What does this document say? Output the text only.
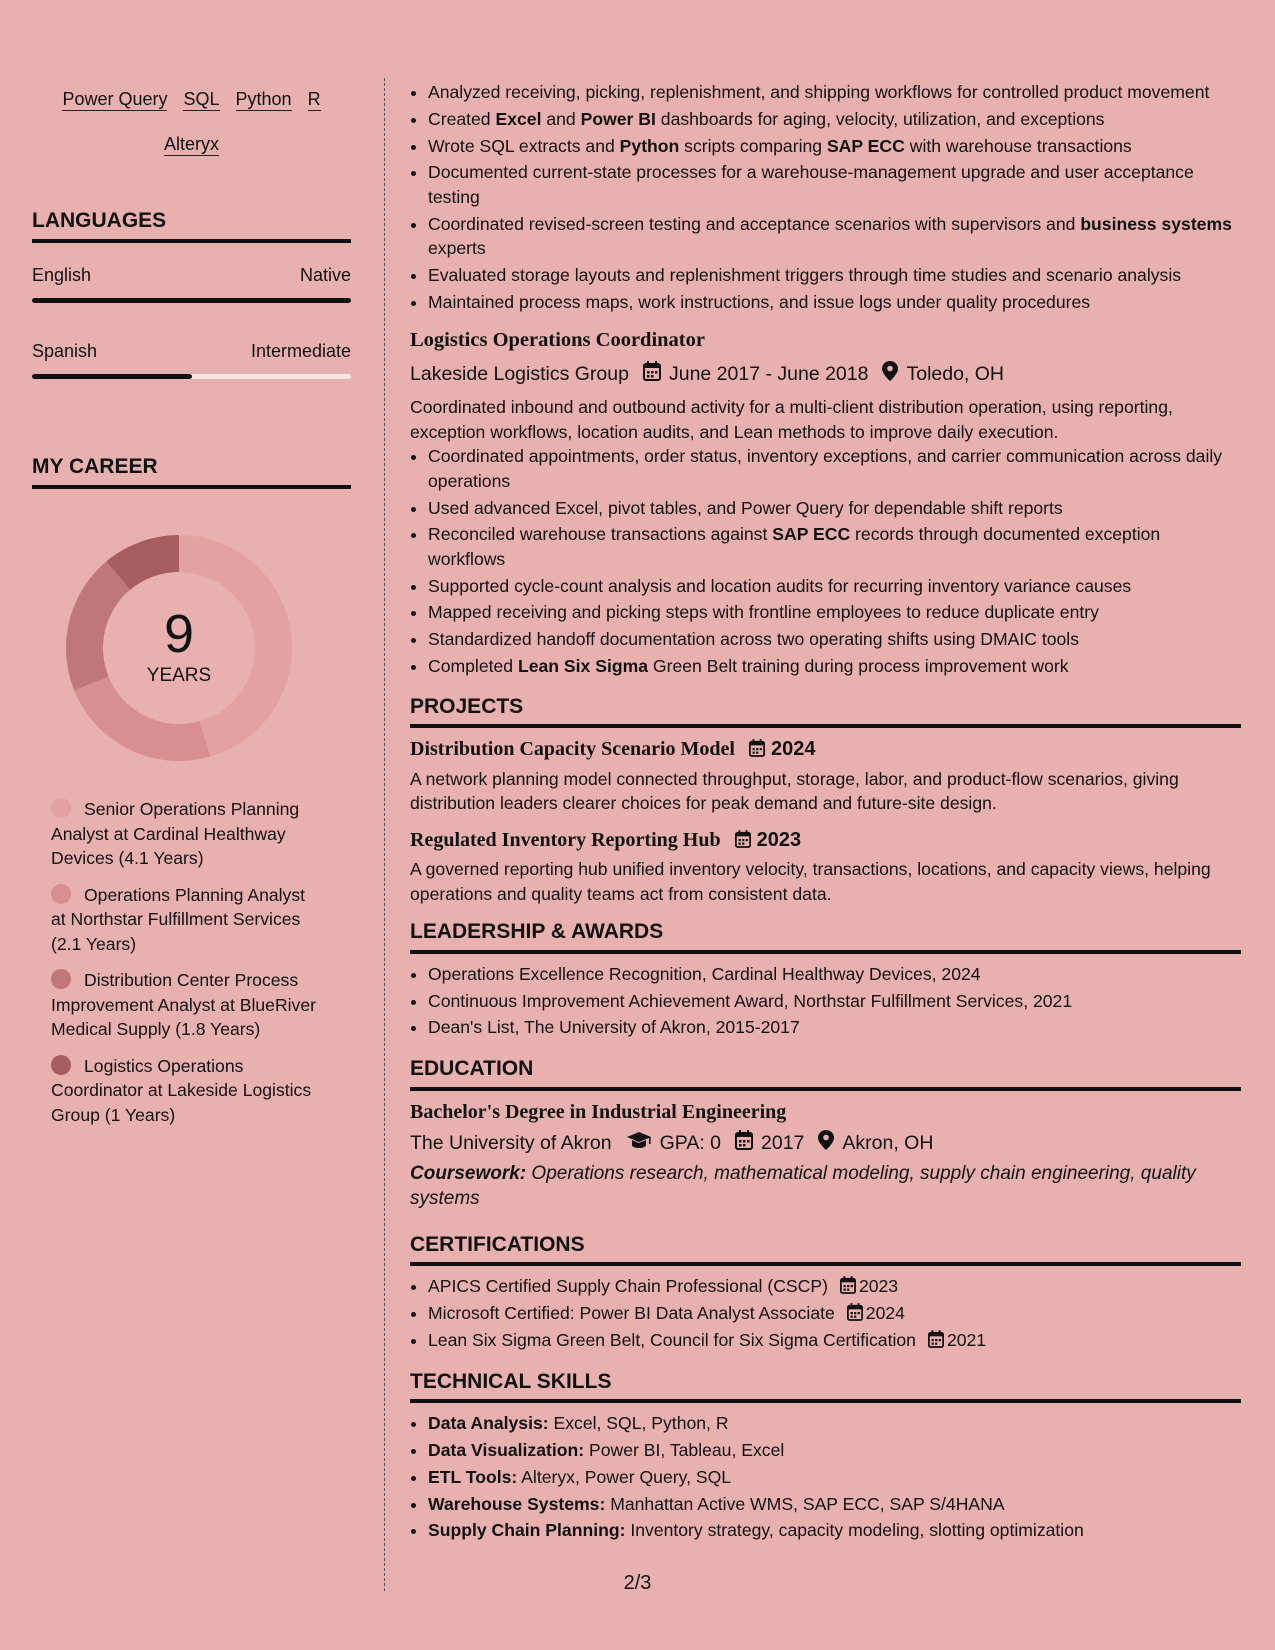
Power Query SQL Python R
Alteryx
LANGUAGES
English	Native
Spanish	Intermediate
MY CAREER
9
YEARS
Senior Operations Planning Analyst at Cardinal Healthway Devices (4.1 Years)
Operations Planning Analyst at Northstar Fulfillment Services (2.1 Years)
Distribution Center Process Improvement Analyst at BlueRiver Medical Supply (1.8 Years)
Logistics Operations Coordinator at Lakeside Logistics Group (1 Years)
• Analyzed receiving, picking, replenishment, and shipping workflows for controlled product movement
• Created Excel and Power BI dashboards for aging, velocity, utilization, and exceptions
• Wrote SQL extracts and Python scripts comparing SAP ECC with warehouse transactions
• Documented current-state processes for a warehouse-management upgrade and user acceptance testing
• Coordinated revised-screen testing and acceptance scenarios with supervisors and business systems experts
• Evaluated storage layouts and replenishment triggers through time studies and scenario analysis
• Maintained process maps, work instructions, and issue logs under quality procedures
Logistics Operations Coordinator
Lakeside Logistics Group June 2017 - June 2018 Toledo, OH
Coordinated inbound and outbound activity for a multi-client distribution operation, using reporting, exception workflows, location audits, and Lean methods to improve daily execution.
• Coordinated appointments, order status, inventory exceptions, and carrier communication across daily operations
• Used advanced Excel, pivot tables, and Power Query for dependable shift reports
• Reconciled warehouse transactions against SAP ECC records through documented exception workflows
• Supported cycle-count analysis and location audits for recurring inventory variance causes
• Mapped receiving and picking steps with frontline employees to reduce duplicate entry
• Standardized handoff documentation across two operating shifts using DMAIC tools
• Completed Lean Six Sigma Green Belt training during process improvement work
PROJECTS
Distribution Capacity Scenario Model 2024
A network planning model connected throughput, storage, labor, and product-flow scenarios, giving distribution leaders clearer choices for peak demand and future-site design.
Regulated Inventory Reporting Hub 2023
A governed reporting hub unified inventory velocity, transactions, locations, and capacity views, helping operations and quality teams act from consistent data.
LEADERSHIP & AWARDS
• Operations Excellence Recognition, Cardinal Healthway Devices, 2024
• Continuous Improvement Achievement Award, Northstar Fulfillment Services, 2021
• Dean's List, The University of Akron, 2015-2017
EDUCATION
Bachelor's Degree in Industrial Engineering
The University of Akron GPA: 0 2017 Akron, OH
Coursework: Operations research, mathematical modeling, supply chain engineering, quality systems
CERTIFICATIONS
• APICS Certified Supply Chain Professional (CSCP) 2023
• Microsoft Certified: Power BI Data Analyst Associate 2024
• Lean Six Sigma Green Belt, Council for Six Sigma Certification 2021
TECHNICAL SKILLS
• Data Analysis: Excel, SQL, Python, R
• Data Visualization: Power BI, Tableau, Excel
• ETL Tools: Alteryx, Power Query, SQL
• Warehouse Systems: Manhattan Active WMS, SAP ECC, SAP S/4HANA
• Supply Chain Planning: Inventory strategy, capacity modeling, slotting optimization
2/3
